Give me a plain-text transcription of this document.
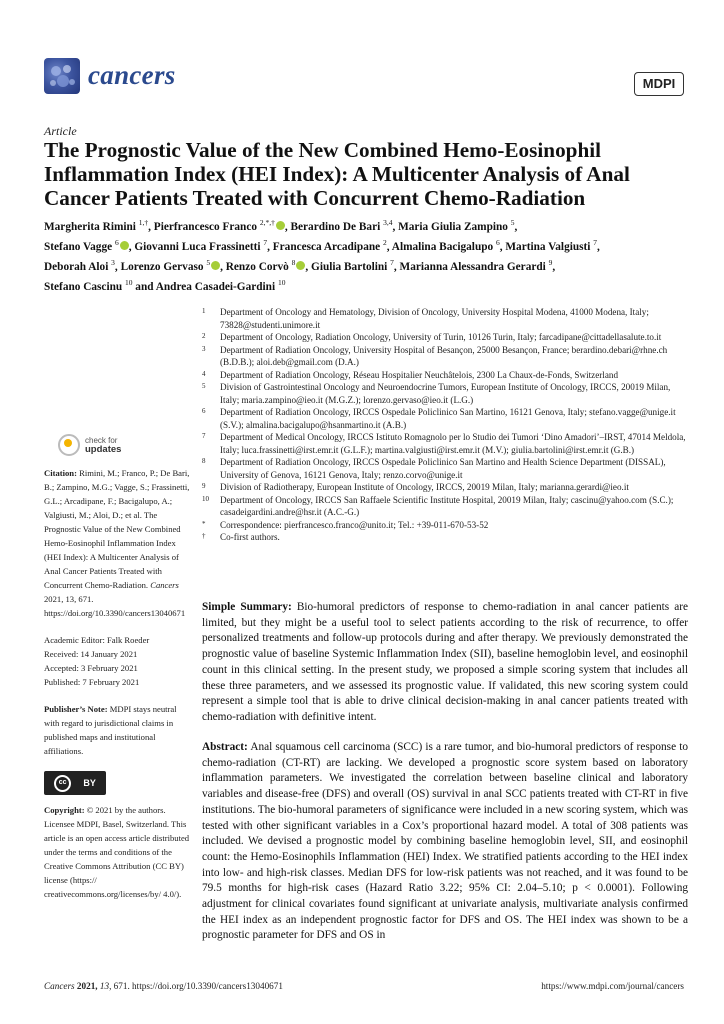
cancers	MDPI
Article
The Prognostic Value of the New Combined Hemo-Eosinophil Inflammation Index (HEI Index): A Multicenter Analysis of Anal Cancer Patients Treated with Concurrent Chemo-Radiation
Margherita Rimini $^{1,\dagger}$, Pierfrancesco Franco $^{2,*,\dagger}$ , Berardino De Bari $^{3,4}$, Maria Giulia Zampino $^5$,
Stefano Vagge $^6$ , Giovanni Luca Frassinetti $^7$, Francesca Arcadipane $^2$, Almalina Bacigalupo $^6$, Martina Valgiusti $^7$,
Deborah Aloi $^3$, Lorenzo Gervaso $^5$ , Renzo Corvò $^8$ , Giulia Bartolini $^7$, Marianna Alessandra Gerardi $^9$,
Stefano Cascinu $^{10}$ and Andrea Casadei-Gardini $^{10}$
1 Department of Oncology and Hematology, Division of Oncology, University Hospital Modena, 41000 Modena, Italy; 73828@studenti.unimore.it
2 Department of Oncology, Radiation Oncology, University of Turin, 10126 Turin, Italy; farcadipane@cittadellasalute.to.it
3 Department of Radiation Oncology, University Hospital of Besançon, 25000 Besançon, France; berardino.debari@rhne.ch (B.D.B.); aloi.deb@gmail.com (D.A.)
4 Department of Radiation Oncology, Réseau Hospitalier Neuchâtelois, 2300 La Chaux-de-Fonds, Switzerland
5 Division of Gastrointestinal Oncology and Neuroendocrine Tumors, European Institute of Oncology, IRCCS, 20019 Milan, Italy; maria.zampino@ieo.it (M.G.Z.); lorenzo.gervaso@ieo.it (L.G.)
6 Department of Radiation Oncology, IRCCS Ospedale Policlinico San Martino, 16121 Genova, Italy; stefano.vagge@unige.it (S.V.); almalina.bacigalupo@hsanmartino.it (A.B.)
7 Department of Medical Oncology, IRCCS Istituto Romagnolo per lo Studio dei Tumori ‘Dino Amadori’–IRST, 47014 Meldola, Italy; luca.frassinetti@irst.emr.it (G.L.F.); martina.valgiusti@irst.emr.it (M.V.); giulia.bartolini@irst.emr.it (G.B.)
8 Department of Radiation Oncology, IRCCS Ospedale Policlinico San Martino and Health Science Department (DISSAL), University of Genova, 16121 Genova, Italy; renzo.corvo@unige.it
9 Division of Radiotherapy, European Institute of Oncology, IRCCS, 20019 Milan, Italy; marianna.gerardi@ieo.it
10 Department of Oncology, IRCCS San Raffaele Scientific Institute Hospital, 20019 Milan, Italy; cascinu@yahoo.com (S.C.); casadeigardini.andre@hsr.it (A.C.-G.)
* Correspondence: pierfrancesco.franco@unito.it; Tel.: +39-011-670-53-52
† Co-first authors.
check for
updates
Citation: Rimini, M.; Franco, P.; De Bari, B.; Zampino, M.G.; Vagge, S.; Frassinetti, G.L.; Arcadipane, F.; Bacigalupo, A.; Valgiusti, M.; Aloi, D.; et al. The Prognostic Value of the New Combined Hemo-Eosinophil Inflammation Index (HEI Index): A Multicenter Analysis of Anal Cancer Patients Treated with Concurrent Chemo-Radiation. Cancers 2021, 13, 671. https://doi.org/10.3390/cancers13040671
Academic Editor: Falk Roeder
Received: 14 January 2021
Accepted: 3 February 2021
Published: 7 February 2021
Publisher’s Note: MDPI stays neutral with regard to jurisdictional claims in published maps and institutional affiliations.
cc	BY
Copyright: © 2021 by the authors. Licensee MDPI, Basel, Switzerland. This article is an open access article distributed under the terms and conditions of the Creative Commons Attribution (CC BY) license (https:// creativecommons.org/licenses/by/ 4.0/).

Simple Summary: Bio-humoral predictors of response to chemo-radiation in anal cancer patients are limited, but they might be a useful tool to select patients according to the risk of recurrence, to offer personalized treatments and follow-up protocols during and after therapy. We previously demonstrated the prognostic value of baseline Systemic Inflammation Index (SII), baseline hemoglobin level, and eosinophil count in this clinical setting. In the present study, we proposed a simple scoring system that includes all these three parameters, and we assessed its prognostic value. If validated, this new scoring system could represent a simple tool that is able to drive clinical decision-making in anal cancer patients treated with chemo-radiation with definitive intent.

Abstract: Anal squamous cell carcinoma (SCC) is a rare tumor, and bio-humoral predictors of response to chemo-radiation (CT-RT) are lacking. We developed a prognostic score system based on laboratory inflammation parameters. We investigated the correlation between baseline clinical and laboratory variables and disease-free (DFS) and overall (OS) survival in anal SCC patients treated with CT-RT in five institutions. The bio-humoral parameters of significance were included in a new scoring system, which was tested with other significant variables in a Cox’s proportional hazard model. A total of 308 patients was included. We devised a prognostic model by combining baseline hemoglobin level, SII, and eosinophil count: the Hemo-Eosinophils Inflammation (HEI) Index. We stratified patients according to the HEI index into low- and high-risk classes. Median DFS for low-risk patients was not reached, and it was found to be 79.5 months for high-risk cases (Hazard Ratio 3.22; 95% CI: 2.04–5.10; p < 0.0001). Following adjustment for clinical covariates found significant at univariate analysis, multivariate analysis confirmed the HEI index as an independent prognostic factor for DFS and OS. The HEI index was shown to be a prognostic parameter for DFS and OS in

Cancers 2021, 13, 671. https://doi.org/10.3390/cancers13040671	https://www.mdpi.com/journal/cancers
